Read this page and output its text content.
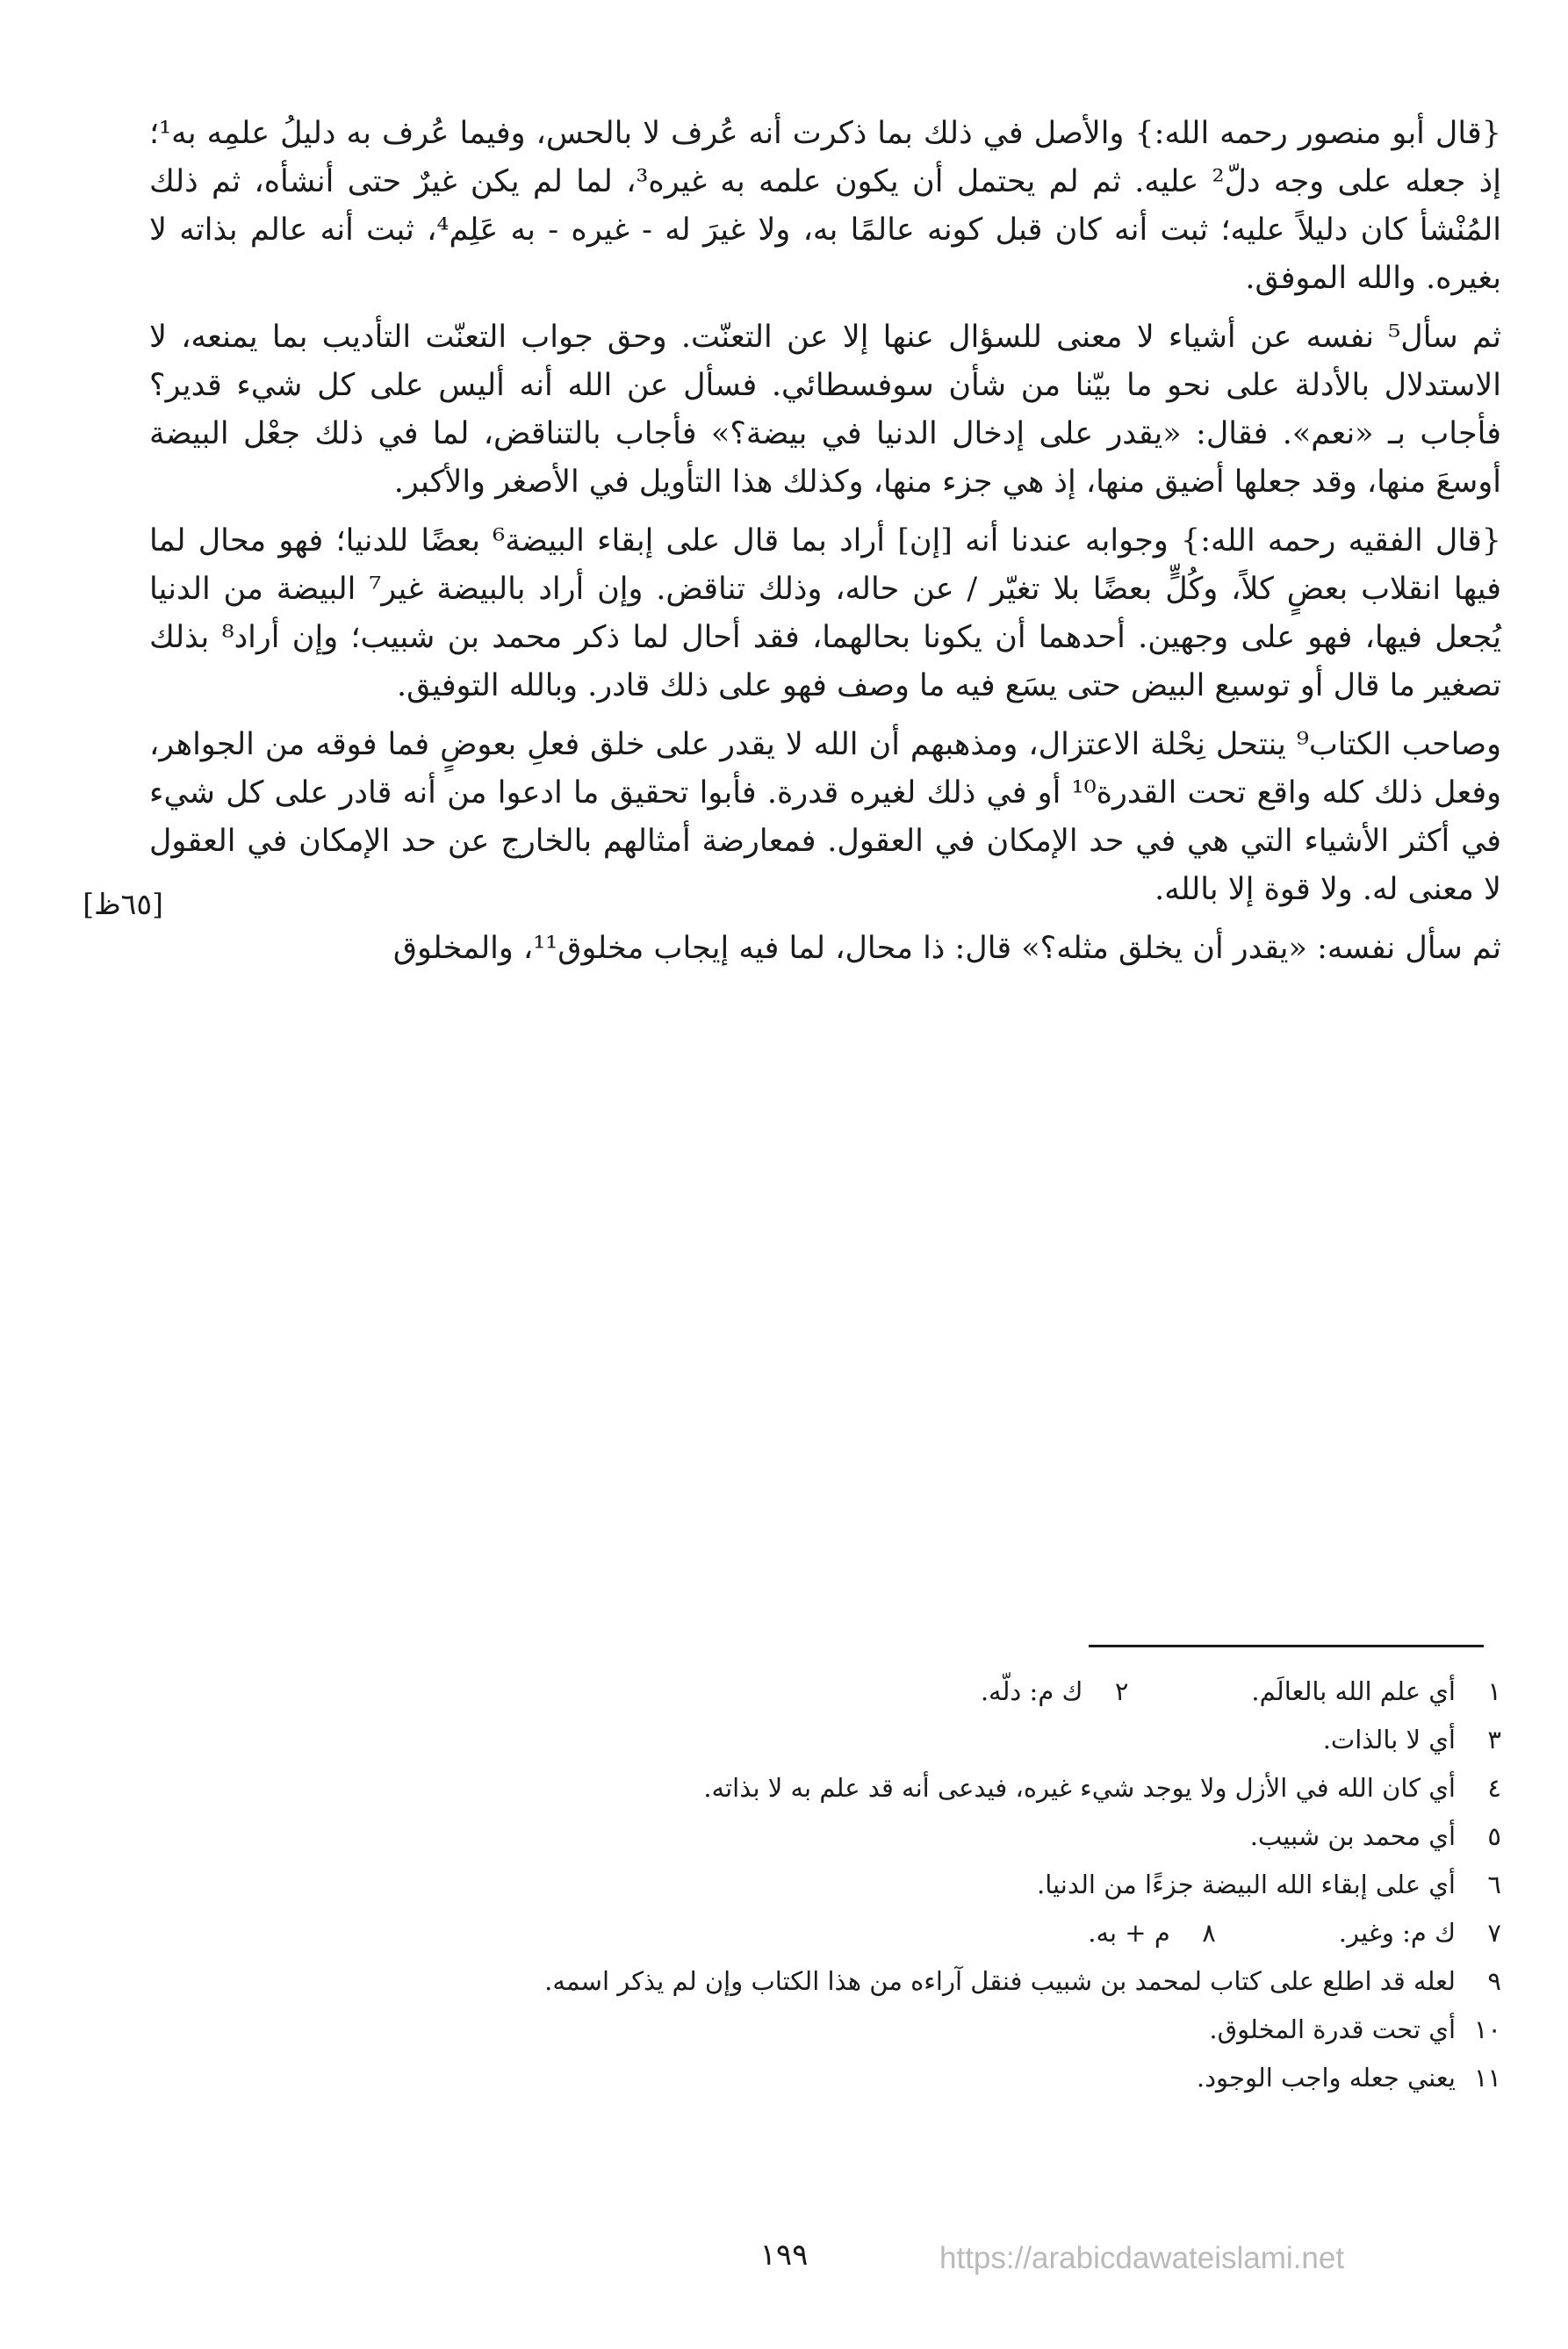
{قال أبو منصور رحمه الله:} والأصل في ذلك بما ذكرت أنه عُرف لا بالحس، وفيما عُرف به دليلُ علمِه به¹؛ إذ جعله على وجه دلّ² عليه. ثم لم يحتمل أن يكون علمه به غيره³، لما لم يكن غيرٌ حتى أنشأه، ثم ذلك المُنْشأ كان دليلاً عليه؛ ثبت أنه كان قبل كونه عالمًا به، ولا غيرَ له - غيره - به عَلِم⁴، ثبت أنه عالم بذاته لا بغيره. والله الموفق.

ثم سأل⁵ نفسه عن أشياء لا معنى للسؤال عنها إلا عن التعنّت. وحق جواب التعنّت التأديب بما يمنعه، لا الاستدلال بالأدلة على نحو ما بيّنا من شأن سوفسطائي. فسأل عن الله أنه أليس على كل شيء قدير؟ فأجاب بـ «نعم». فقال: «يقدر على إدخال الدنيا في بيضة؟» فأجاب بالتناقض، لما في ذلك جعْل البيضة أوسعَ منها، وقد جعلها أضيق منها، إذ هي جزء منها، وكذلك هذا التأويل في الأصغر والأكبر.

{قال الفقيه رحمه الله:} وجوابه عندنا أنه [إن] أراد بما قال على إبقاء البيضة⁶ بعضًا للدنيا؛ فهو محال لما فيها انقلاب بعضٍ كلاً، وكُلٍّ بعضًا بلا تغيّر / عن حاله، وذلك تناقض. وإن أراد بالبيضة غير⁷ البيضة من الدنيا يُجعل فيها، فهو على وجهين. أحدهما أن يكونا بحالهما، فقد أحال لما ذكر محمد بن شبيب؛ وإن أراد⁸ بذلك تصغير ما قال أو توسيع البيض حتى يسَع فيه ما وصف فهو على ذلك قادر. وبالله التوفيق.

وصاحب الكتاب⁹ ينتحل نِحْلة الاعتزال، ومذهبهم أن الله لا يقدر على خلق فعلِ بعوضٍ فما فوقه من الجواهر، وفعل ذلك كله واقع تحت القدرة¹⁰ أو في ذلك لغيره قدرة. فأبوا تحقيق ما ادعوا من أنه قادر على كل شيء في أكثر الأشياء التي هي في حد الإمكان في العقول. فمعارضة أمثالهم بالخارج عن حد الإمكان في العقول لا معنى له. ولا قوة إلا بالله.

ثم سأل نفسه: «يقدر أن يخلق مثله؟» قال: ذا محال، لما فيه إيجاب مخلوق¹¹، والمخلوق

[٦٥ظ]
١
أي علم الله بالعالَم.
٢
ك م: دلّه.
٣
أي لا بالذات.
٤
أي كان الله في الأزل ولا يوجد شيء غيره، فيدعى أنه قد علم به لا بذاته.
٥
أي محمد بن شبيب.
٦
أي على إبقاء الله البيضة جزءًا من الدنيا.
٧
ك م: وغير.
٨
م + به.
٩
لعله قد اطلع على كتاب لمحمد بن شبيب فنقل آراءه من هذا الكتاب وإن لم يذكر اسمه.
١٠
أي تحت قدرة المخلوق.
١١
يعني جعله واجب الوجود.
١٩٩	https://arabicdawateislami.net
